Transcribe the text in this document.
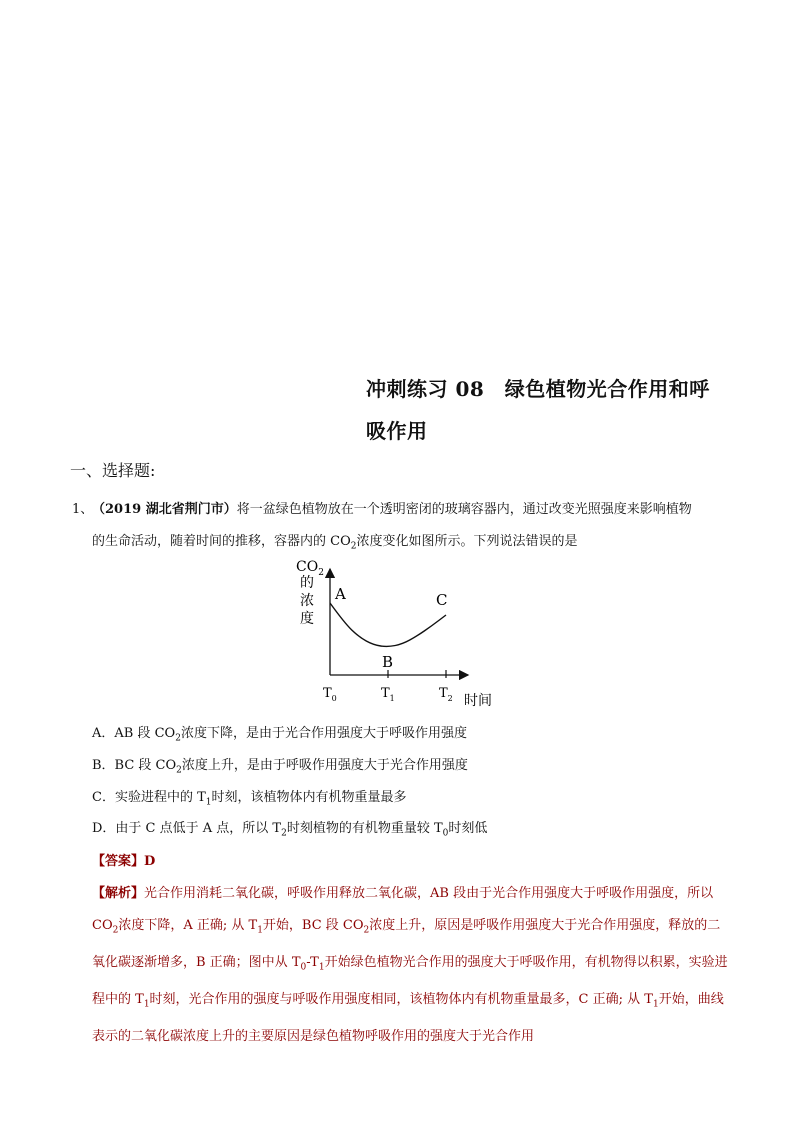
冲刺练习 08　绿色植物光合作用和呼
吸作用
一、选择题:
1、（2019 湖北省荆门市）将一盆绿色植物放在一个透明密闭的玻璃容器内，通过改变光照强度来影响植物
的生命活动，随着时间的推移，容器内的 $CO_2$浓度变化如图所示。下列说法错误的是
$CO_2$
的
浓
度
时间
$T_0$	$T_1$	$T_2$
A
B
C
A．AB 段 $CO_2$浓度下降，是由于光合作用强度大于呼吸作用强度
B．BC 段 $CO_2$浓度上升，是由于呼吸作用强度大于光合作用强度
C．实验进程中的 $T_1$时刻，该植物体内有机物重量最多
D．由于 C 点低于 A 点，所以 $T_2$时刻植物的有机物重量较 $T_0$时刻低
【答案】D
【解析】光合作用消耗二氧化碳，呼吸作用释放二氧化碳，AB 段由于光合作用强度大于呼吸作用强度，所以 $CO_2$浓度下降，A 正确; 从 $T_1$开始，BC 段 $CO_2$浓度上升，原因是呼吸作用强度大于光合作用强度，释放的二氧化碳逐渐增多，B 正确；图中从 $T_0-T_1$开始绿色植物光合作用的强度大于呼吸作用，有机物得以积累，实验进程中的 $T_1$时刻，光合作用的强度与呼吸作用强度相同，该植物体内有机物重量最多，C 正确; 从 $T_1$开始，曲线表示的二氧化碳浓度上升的主要原因是绿色植物呼吸作用的强度大于光合作用
